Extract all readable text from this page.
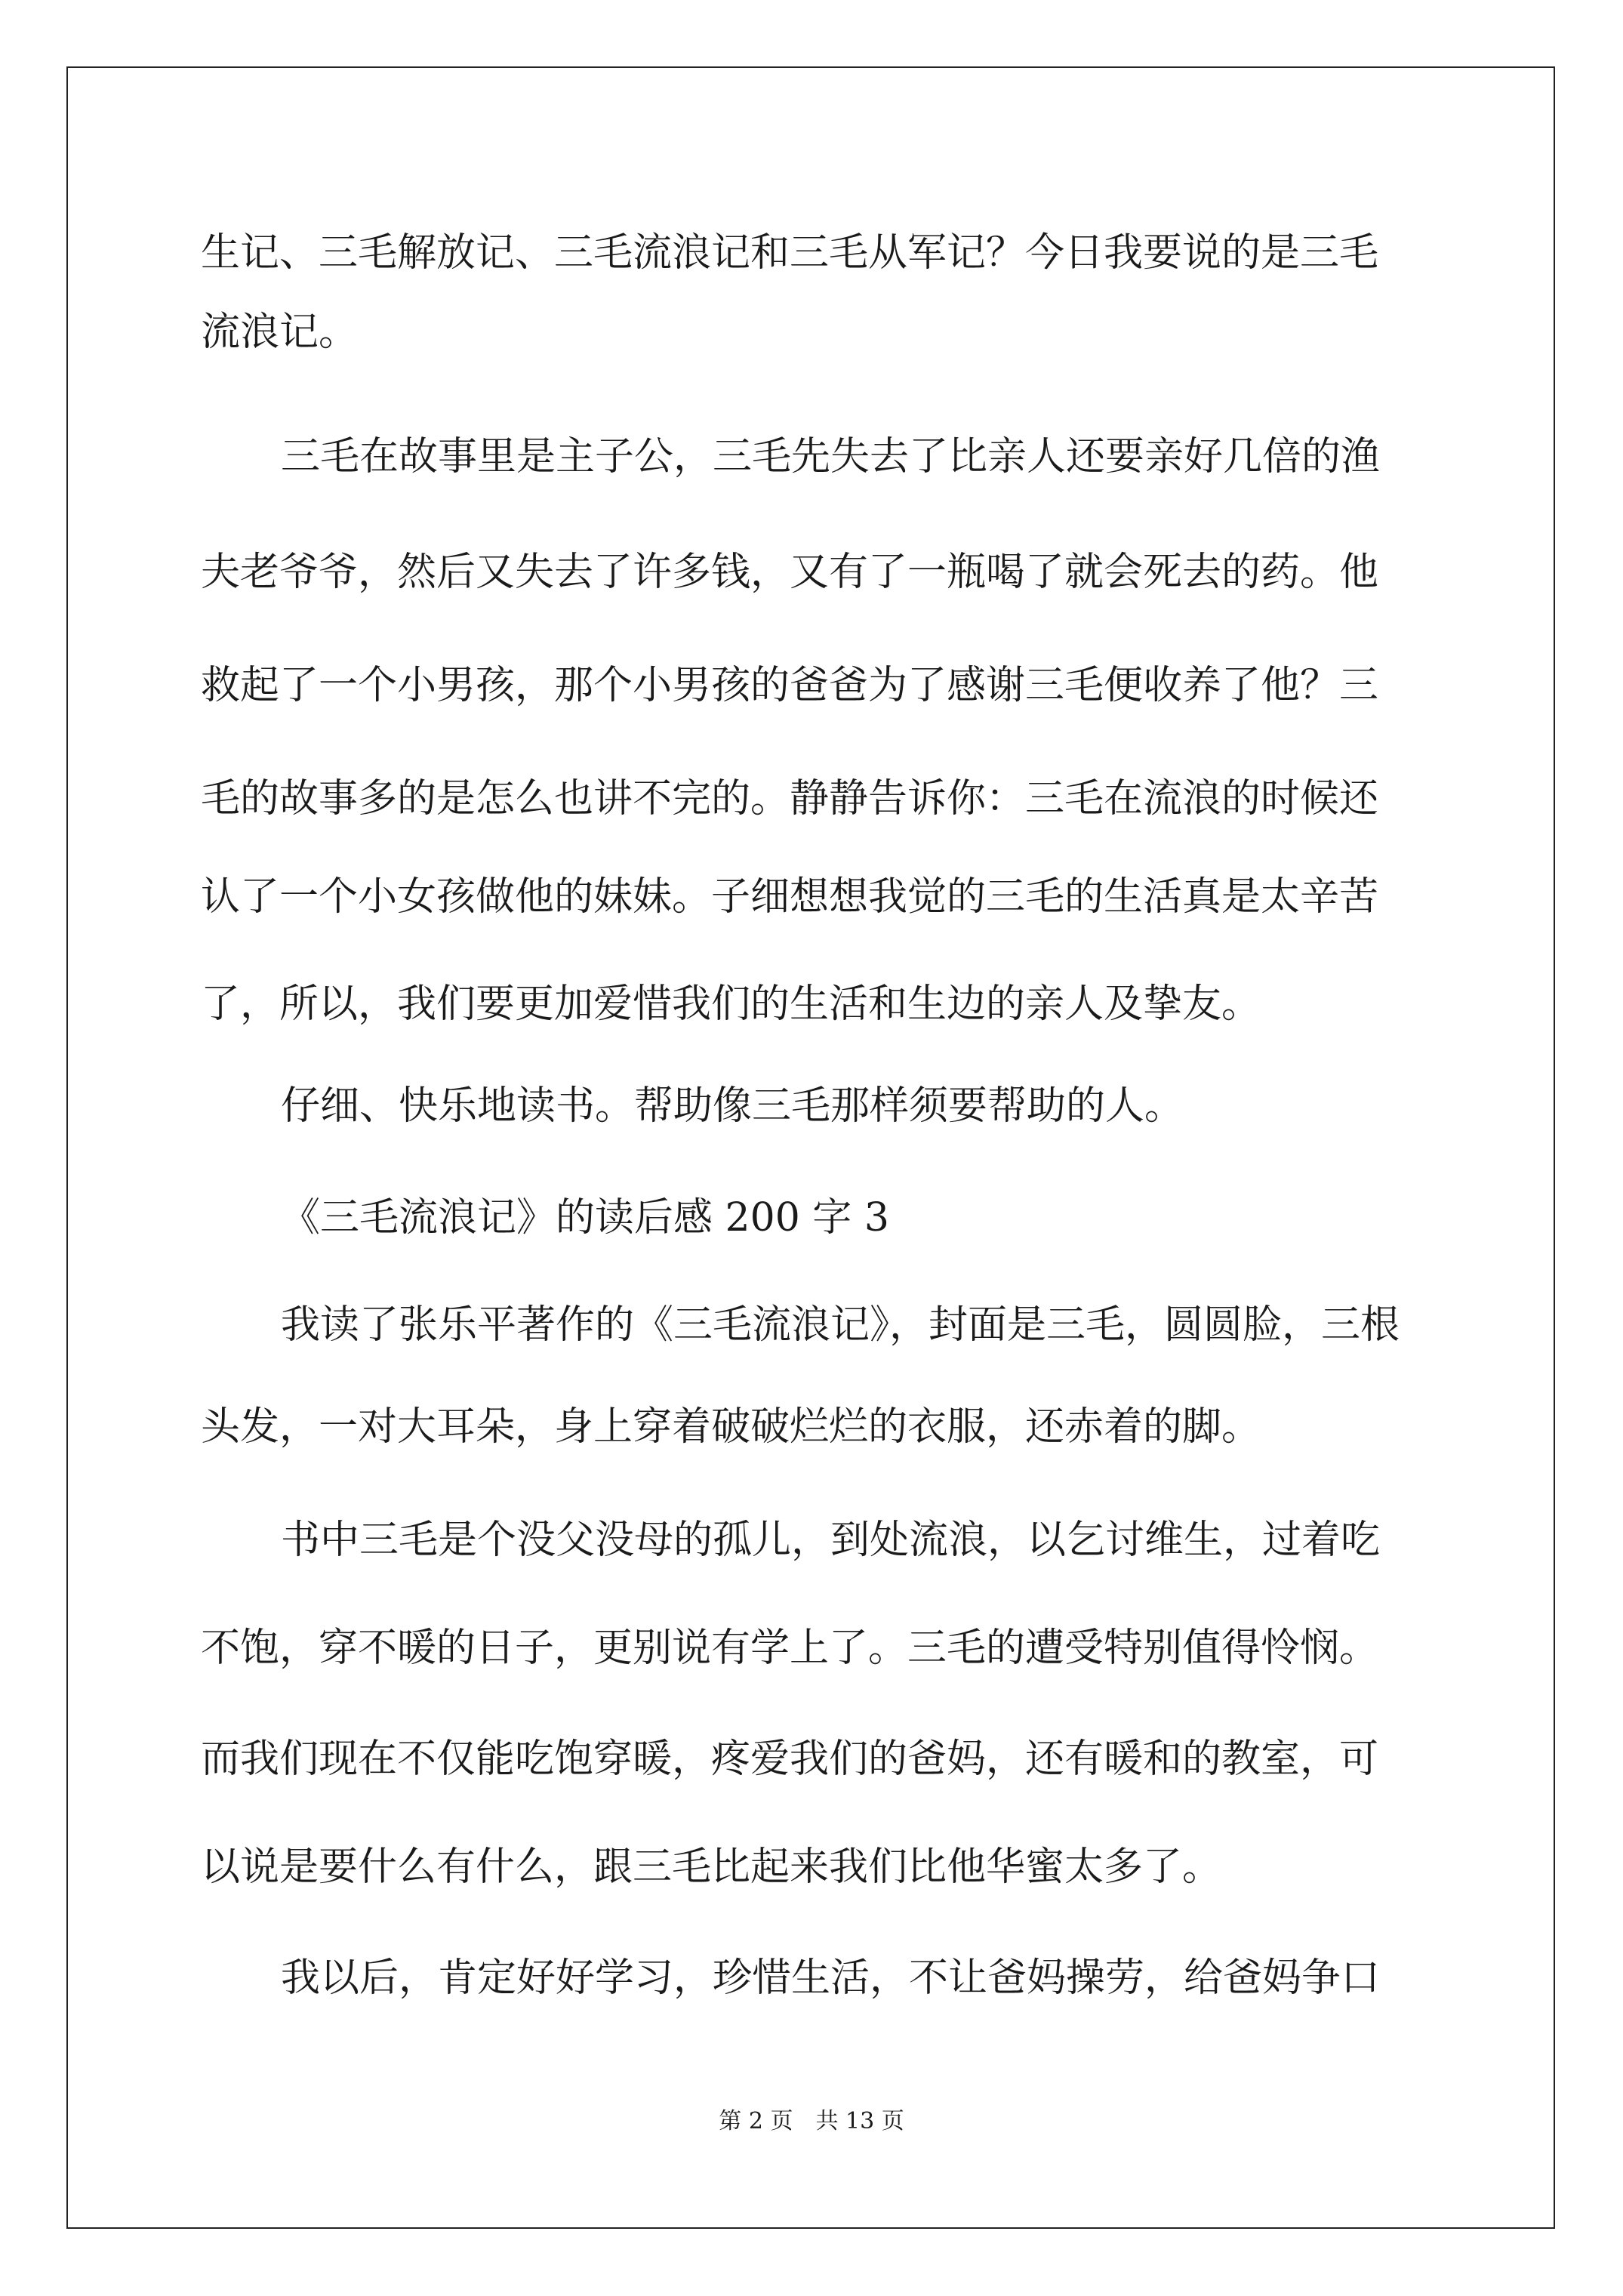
生记、三毛解放记、三毛流浪记和三毛从军记？今日我要说的是三毛

流浪记。

三毛在故事里是主子公，三毛先失去了比亲人还要亲好几倍的渔

夫老爷爷，然后又失去了许多钱，又有了一瓶喝了就会死去的药。他

救起了一个小男孩，那个小男孩的爸爸为了感谢三毛便收养了他？三

毛的故事多的是怎么也讲不完的。静静告诉你：三毛在流浪的时候还

认了一个小女孩做他的妹妹。子细想想我觉的三毛的生活真是太辛苦

了，所以，我们要更加爱惜我们的生活和生边的亲人及挚友。

仔细、快乐地读书。帮助像三毛那样须要帮助的人。

《三毛流浪记》的读后感 200 字 3

我读了张乐平著作的《三毛流浪记》，封面是三毛，圆圆脸，三根

头发，一对大耳朵，身上穿着破破烂烂的衣服，还赤着的脚。

书中三毛是个没父没母的孤儿，到处流浪，以乞讨维生，过着吃

不饱，穿不暖的日子，更别说有学上了。三毛的遭受特别值得怜悯。

而我们现在不仅能吃饱穿暖，疼爱我们的爸妈，还有暖和的教室，可

以说是要什么有什么，跟三毛比起来我们比他华蜜太多了。

我以后，肯定好好学习，珍惜生活，不让爸妈操劳，给爸妈争口

第 2 页　共 13 页
